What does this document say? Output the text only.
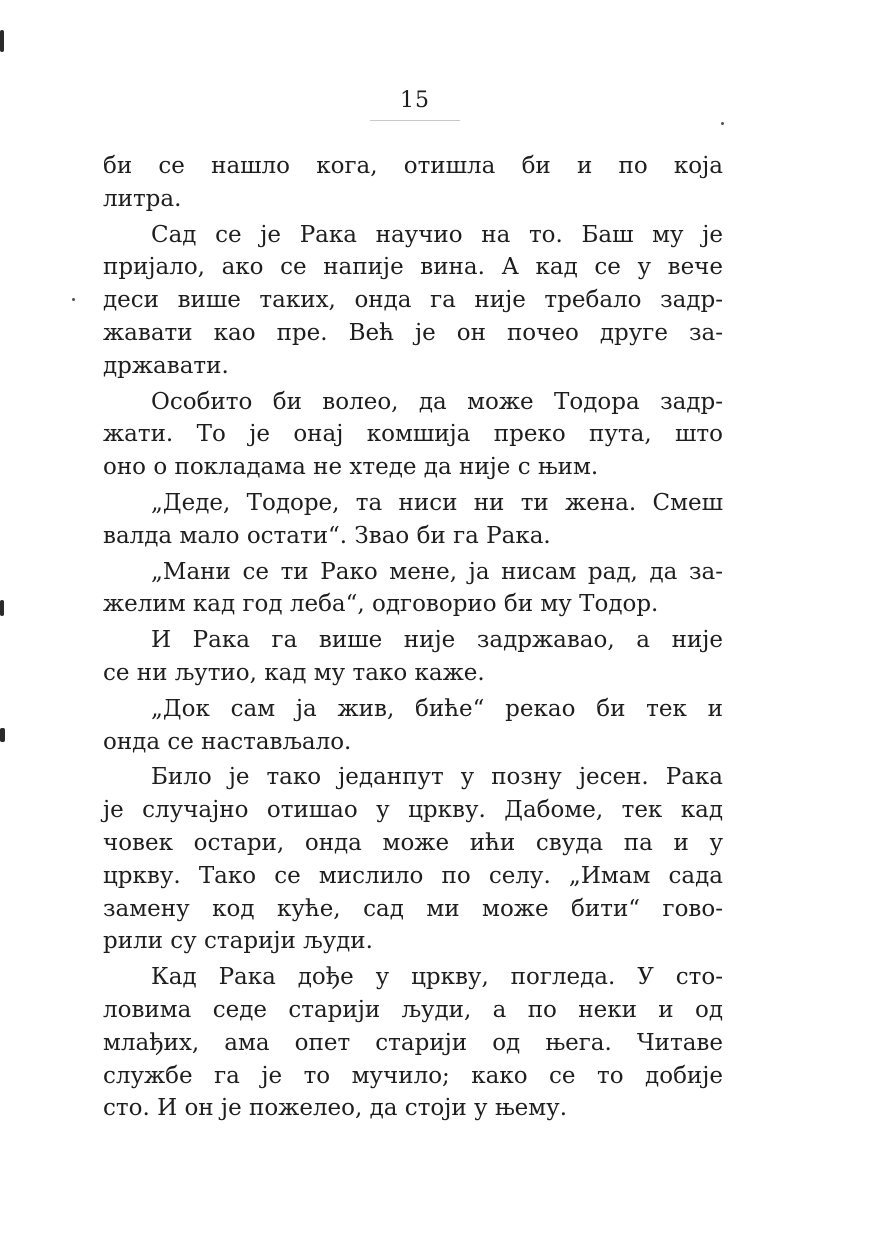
15
би се нашло кога, отишла би и по која
литра.
Сад се је Рака научио на то. Баш му је
пријало, ако се напије вина. А кад се у вече
деси више таких, онда га није требало задр-
жавати као пре. Већ је он почео друге за-
државати.
Особито би волео, да може Тодора задр-
жати. То је онај комшија преко пута, што
оно о покладама не хтеде да није с њим.
„Деде, Тодоре, та ниси ни ти жена. Смеш
валда мало остати“. Звао би га Рака.
„Мани се ти Рако мене, ја нисам рад, да за-
желим кад год леба“, одговорио би му Тодор.
И Рака га више није задржавао, а није
се ни љутио, кад му тако каже.
„Док сам ја жив, биће“ рекао би тек и
онда се настављало.
Било је тако једанпут у позну јесен. Рака
је случајно отишао у цркву. Дабоме, тек кад
човек остари, онда може ићи свуда па и у
цркву. Тако се мислило по селу. „Имам сада
замену код куће, сад ми може бити“ гово-
рили су старији људи.
Кад Рака дође у цркву, погледа. У сто-
ловима седе старији људи, а по неки и од
млађих, ама опет старији од њега. Читаве
службе га је то мучило; како се то добије
сто. И он је пожелео, да стоји у њему.
